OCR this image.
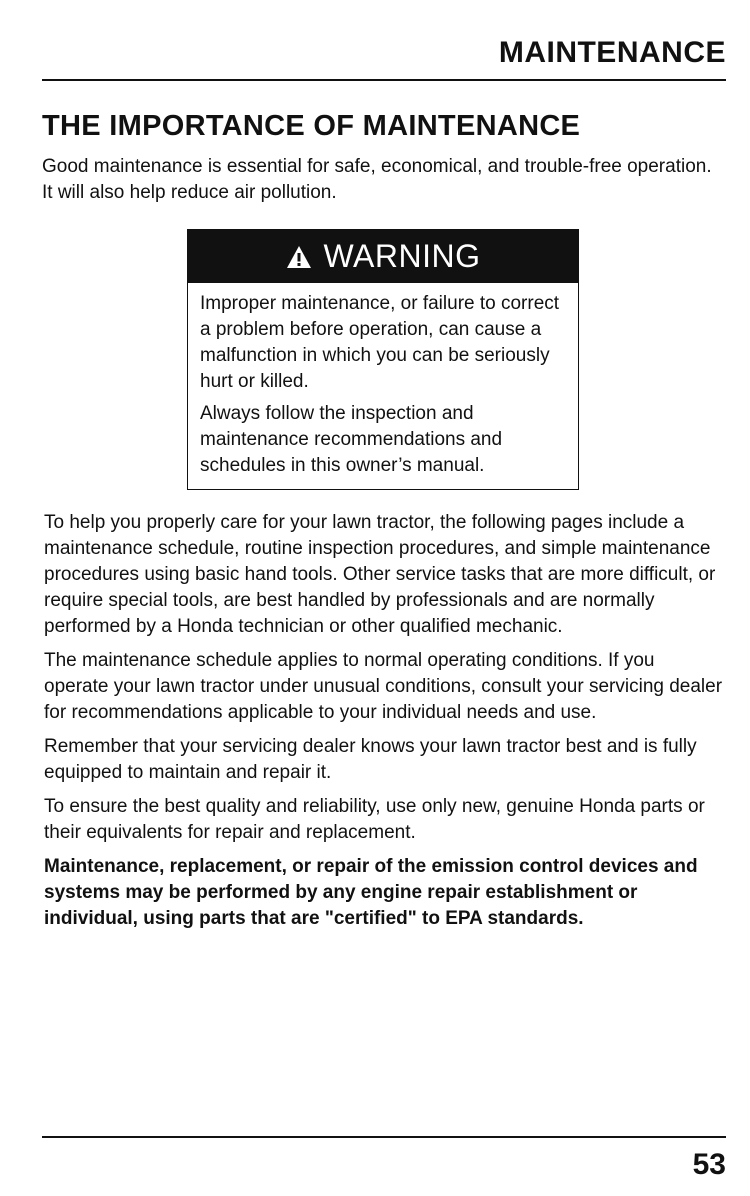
MAINTENANCE
THE IMPORTANCE OF MAINTENANCE

Good maintenance is essential for safe, economical, and trouble-free operation. It will also help reduce air pollution.

WARNING

Improper maintenance, or failure to correct a problem before operation, can cause a malfunction in which you can be seriously hurt or killed.

Always follow the inspection and maintenance recommendations and schedules in this owner’s manual.

To help you properly care for your lawn tractor, the following pages include a maintenance schedule, routine inspection procedures, and simple maintenance procedures using basic hand tools. Other service tasks that are more difficult, or require special tools, are best handled by professionals and are normally performed by a Honda technician or other qualified mechanic.

The maintenance schedule applies to normal operating conditions. If you operate your lawn tractor under unusual conditions, consult your servicing dealer for recommendations applicable to your individual needs and use.

Remember that your servicing dealer knows your lawn tractor best and is fully equipped to maintain and repair it.

To ensure the best quality and reliability, use only new, genuine Honda parts or their equivalents for repair and replacement.

Maintenance, replacement, or repair of the emission control devices and systems may be performed by any engine repair establishment or individual, using parts that are "certified" to EPA standards.

53
